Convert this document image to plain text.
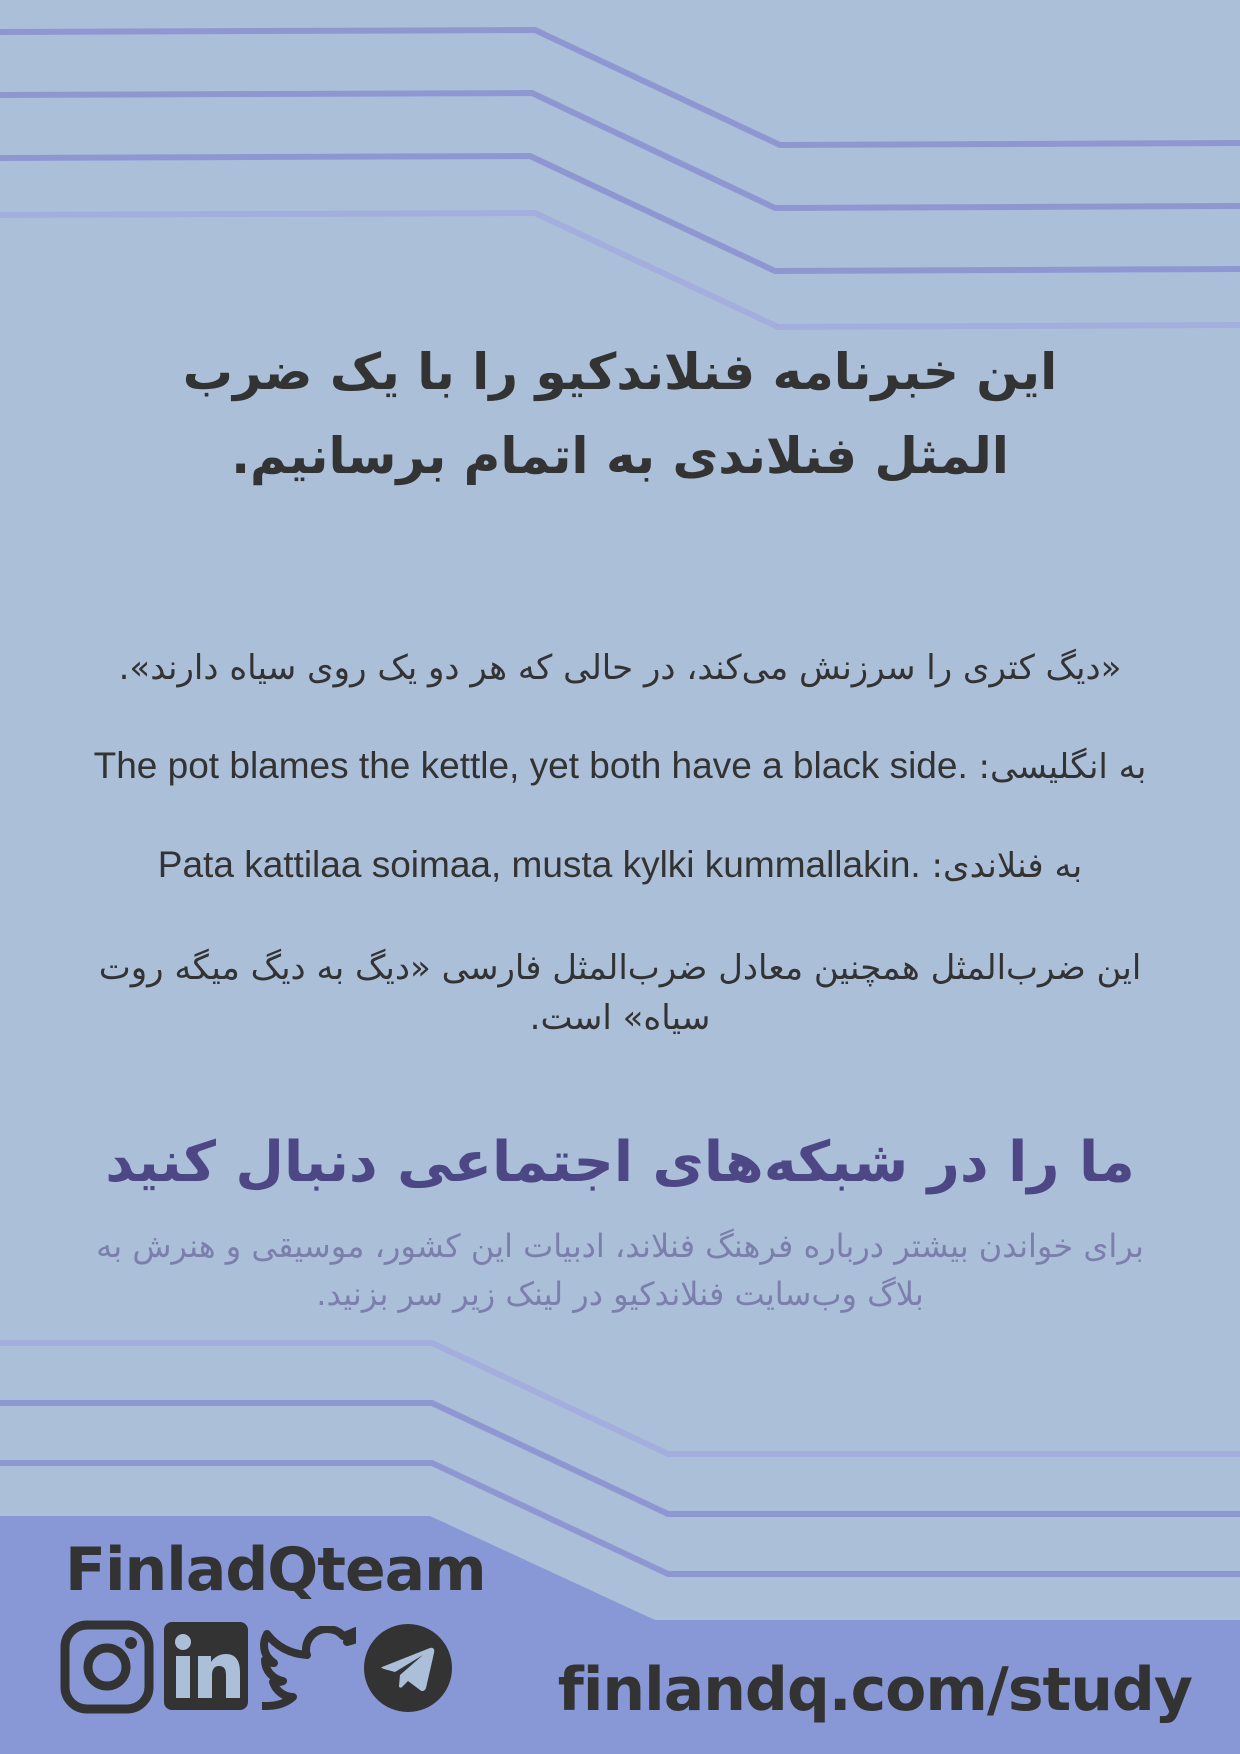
این خبرنامه فنلاندکیو را با یک ضرب المثل فنلاندی به اتمام برسانیم.
«دیگ کتری را سرزنش می‌کند، در حالی که هر دو یک روی سیاه دارند».
به انگلیسی: The pot blames the kettle, yet both have a black side.
به فنلاندی: Pata kattilaa soimaa, musta kylki kummallakin.
این ضرب‌المثل همچنین معادل ضرب‌المثل فارسی «دیگ به دیگ میگه روت سیاه» است.
ما را در شبکه‌های اجتماعی دنبال کنید
برای خواندن بیشتر درباره فرهنگ فنلاند، ادبیات این کشور، موسیقی و هنرش به بلاگ وب‌سایت فنلاندکیو در لینک زیر سر بزنید.
FinladQteam
finlandq.com/study
